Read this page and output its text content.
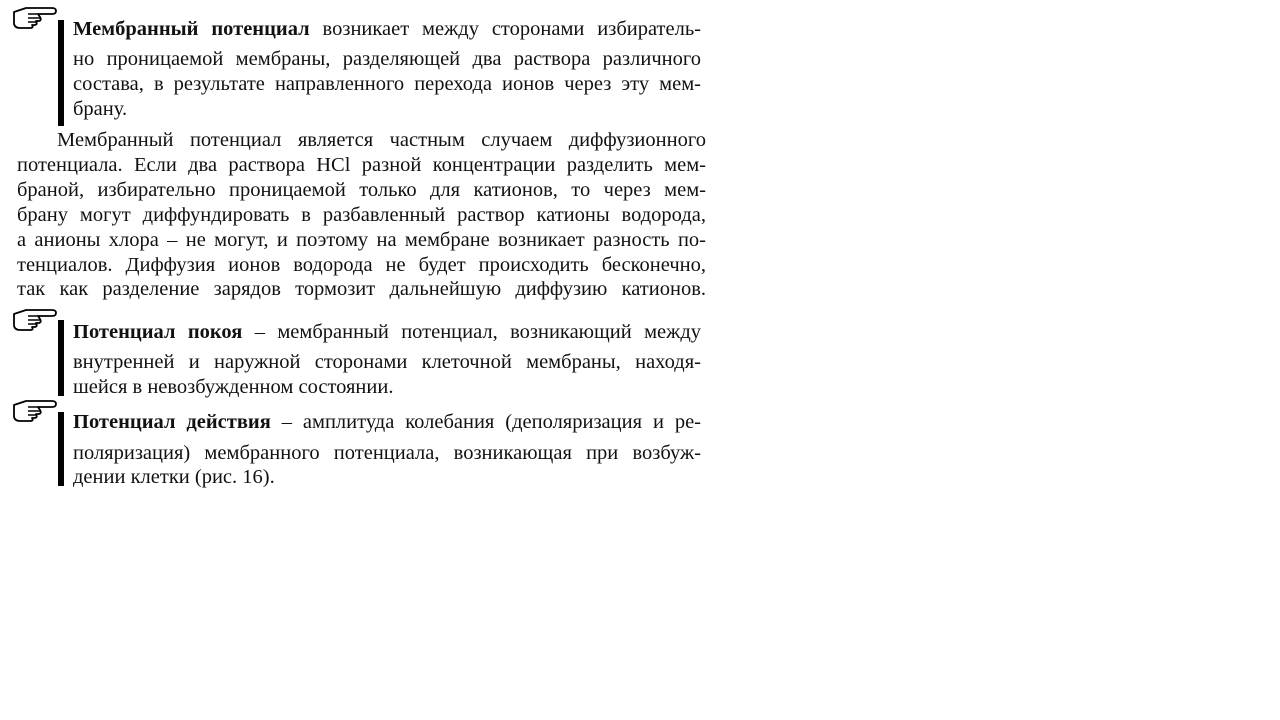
Мембранный потенциал возникает между сторонами избиратель-
но проницаемой мембраны, разделяющей два раствора различного
состава, в результате направленного перехода ионов через эту мем-
брану.
Мембранный потенциал является частным случаем диффузионного
потенциала. Если два раствора HCl разной концентрации разделить мем-
браной, избирательно проницаемой только для катионов, то через мем-
брану могут диффундировать в разбавленный раствор катионы водорода,
а анионы хлора – не могут, и поэтому на мембране возникает разность по-
тенциалов. Диффузия ионов водорода не будет происходить бесконечно,
так как разделение зарядов тормозит дальнейшую диффузию катионов.
Потенциал покоя – мембранный потенциал, возникающий между
внутренней и наружной сторонами клеточной мембраны, находя-
шейся в невозбужденном состоянии.
Потенциал действия – амплитуда колебания (деполяризация и ре-
поляризация) мембранного потенциала, возникающая при возбуж-
дении клетки (рис. 16).
